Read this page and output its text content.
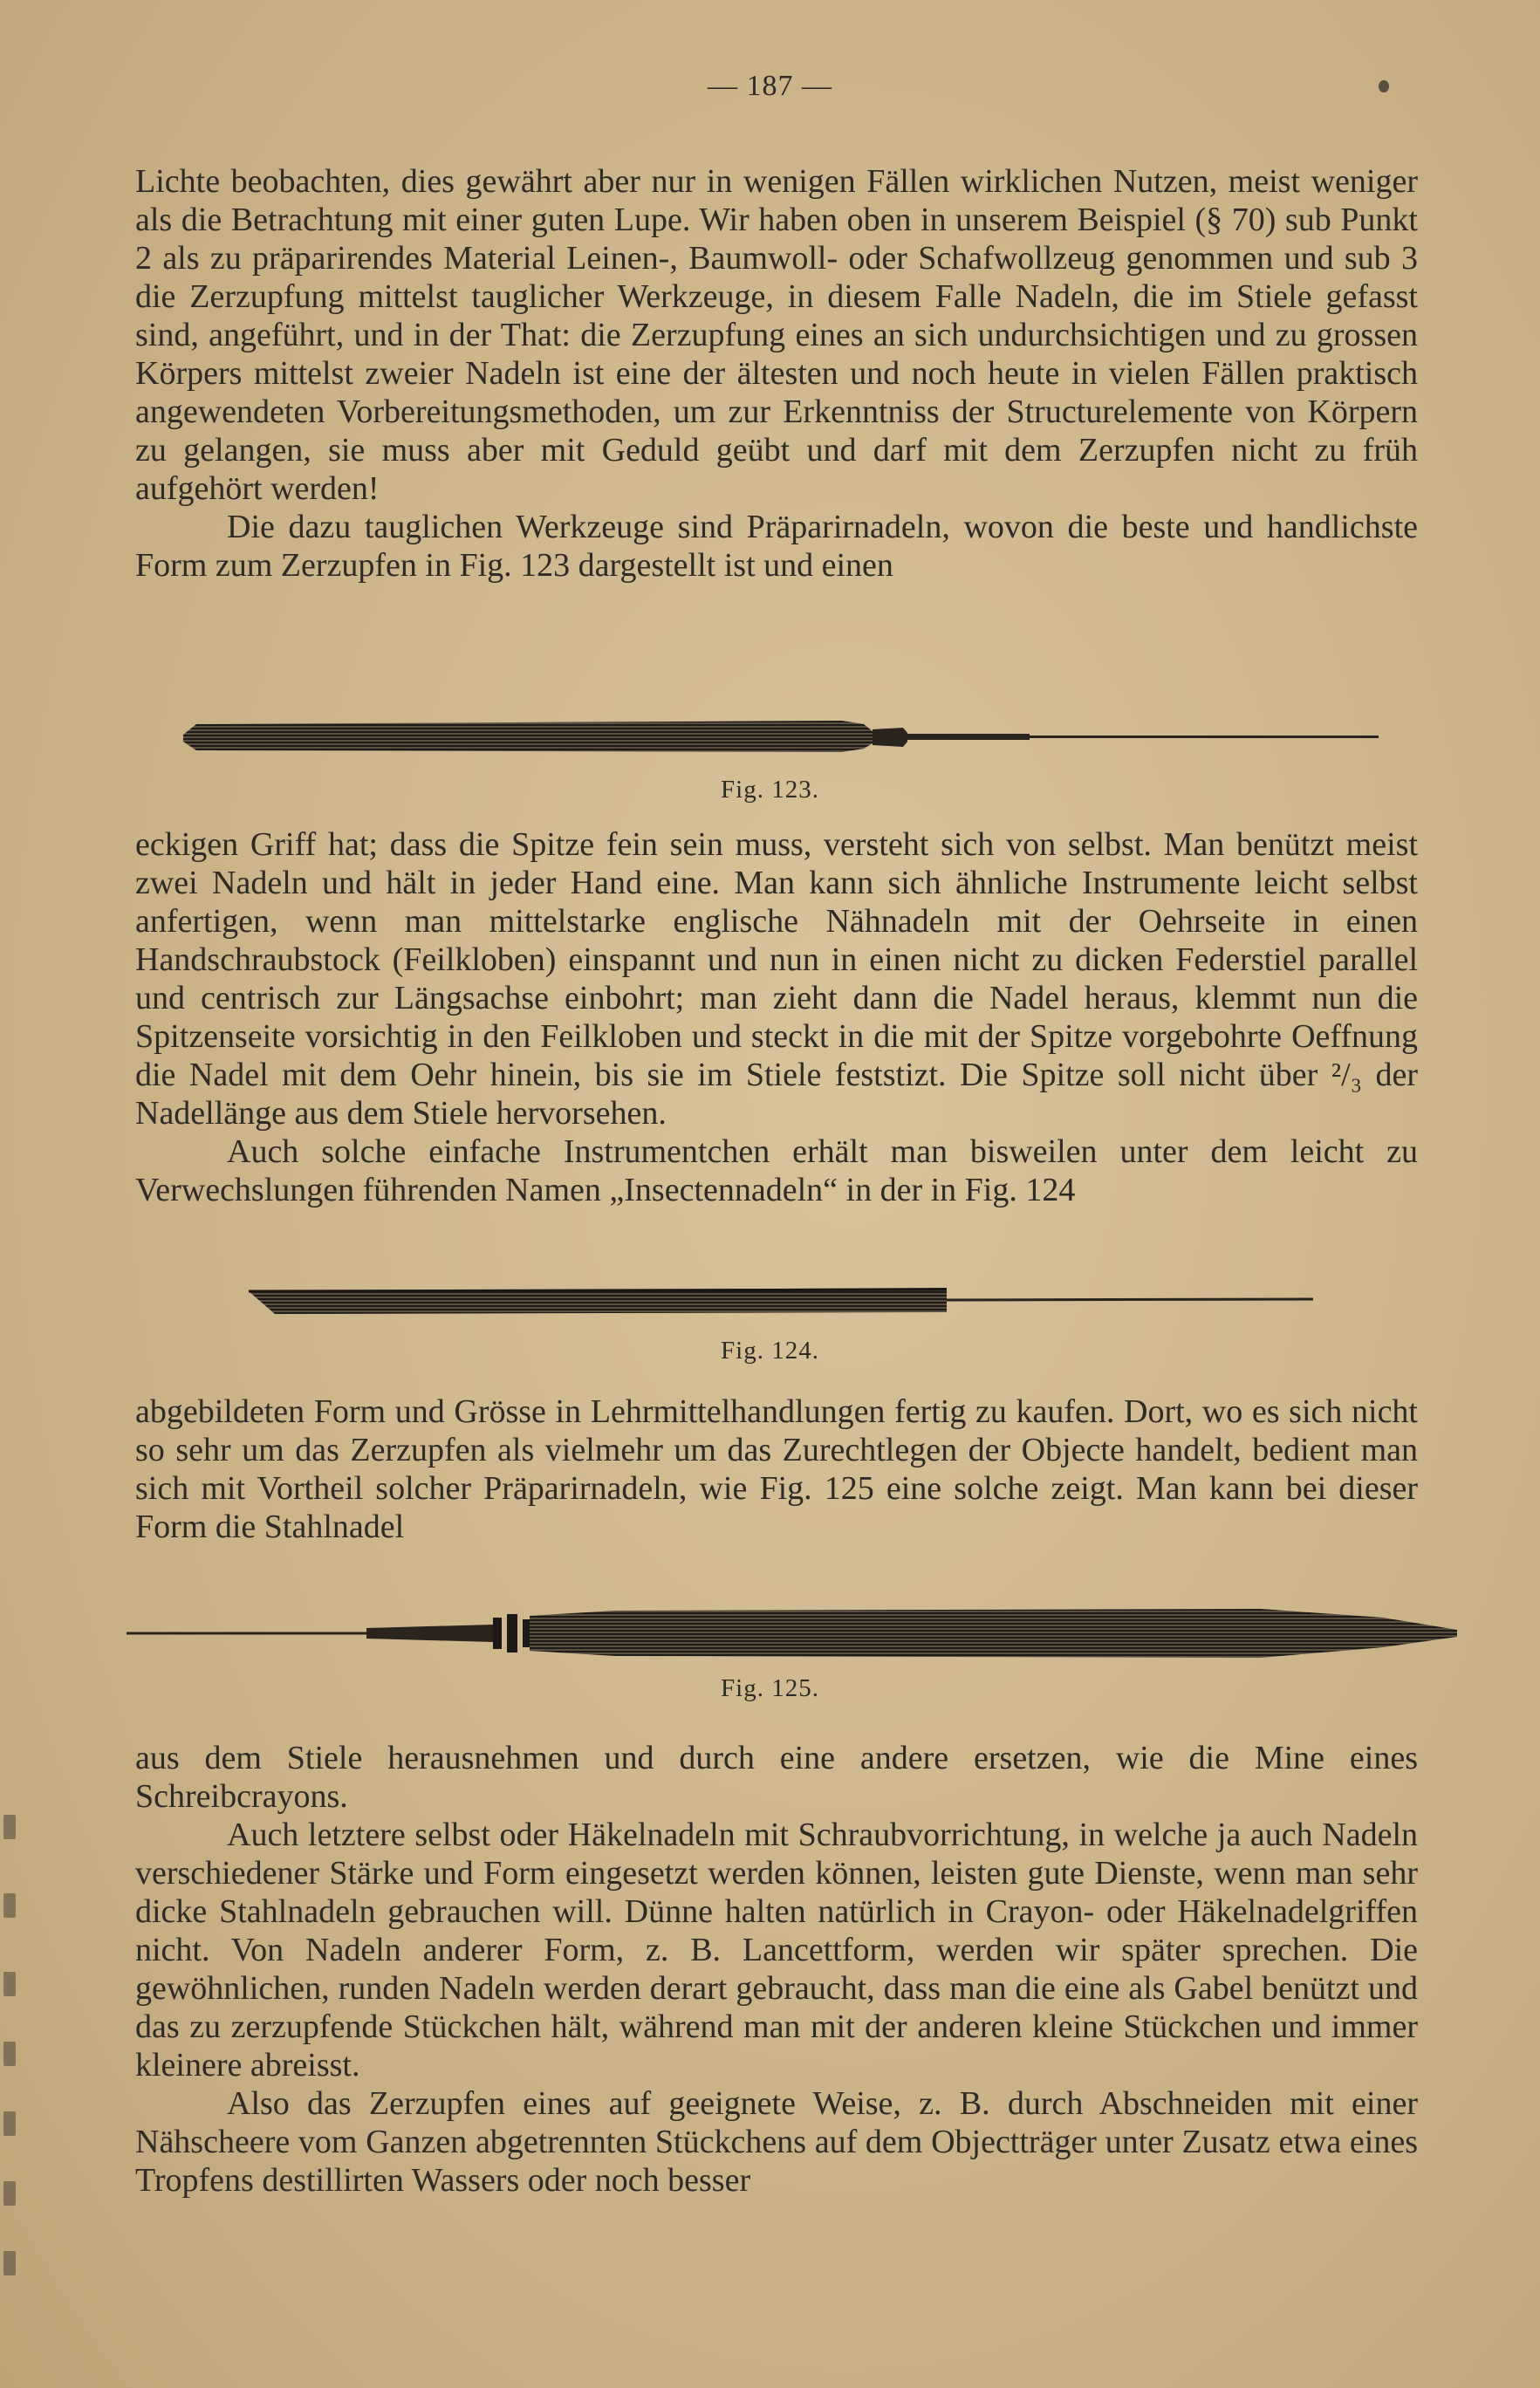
— 187 —

Lichte beobachten, dies gewährt aber nur in wenigen Fällen wirklichen Nutzen, meist weniger als die Betrachtung mit einer guten Lupe. Wir haben oben in unserem Beispiel (§ 70) sub Punkt 2 als zu präparirendes Material Leinen-, Baumwoll- oder Schafwollzeug genommen und sub 3 die Zerzupfung mittelst tauglicher Werkzeuge, in diesem Falle Nadeln, die im Stiele gefasst sind, angeführt, und in der That: die Zerzupfung eines an sich undurchsichtigen und zu grossen Körpers mittelst zweier Nadeln ist eine der ältesten und noch heute in vielen Fällen praktisch angewendeten Vorbereitungsmethoden, um zur Erkenntniss der Structurelemente von Körpern zu gelangen, sie muss aber mit Geduld geübt und darf mit dem Zerzupfen nicht zu früh aufgehört werden!

Die dazu tauglichen Werkzeuge sind Präparirnadeln, wovon die beste und handlichste Form zum Zerzupfen in Fig. 123 dargestellt ist und einen

Fig. 123.

eckigen Griff hat; dass die Spitze fein sein muss, versteht sich von selbst. Man benützt meist zwei Nadeln und hält in jeder Hand eine. Man kann sich ähnliche Instrumente leicht selbst anfertigen, wenn man mittelstarke englische Nähnadeln mit der Oehrseite in einen Handschraubstock (Feilkloben) einspannt und nun in einen nicht zu dicken Federstiel parallel und centrisch zur Längsachse einbohrt; man zieht dann die Nadel heraus, klemmt nun die Spitzenseite vorsichtig in den Feilkloben und steckt in die mit der Spitze vorgebohrte Oeffnung die Nadel mit dem Oehr hinein, bis sie im Stiele feststizt. Die Spitze soll nicht über ²/₃ der Nadellänge aus dem Stiele hervorsehen.

Auch solche einfache Instrumentchen erhält man bisweilen unter dem leicht zu Verwechslungen führenden Namen „Insectennadeln“ in der in Fig. 124

Fig. 124.

abgebildeten Form und Grösse in Lehrmittelhandlungen fertig zu kaufen. Dort, wo es sich nicht so sehr um das Zerzupfen als vielmehr um das Zurechtlegen der Objecte handelt, bedient man sich mit Vortheil solcher Präparirnadeln, wie Fig. 125 eine solche zeigt. Man kann bei dieser Form die Stahlnadel

Fig. 125.

aus dem Stiele herausnehmen und durch eine andere ersetzen, wie die Mine eines Schreibcrayons.

Auch letztere selbst oder Häkelnadeln mit Schraubvorrichtung, in welche ja auch Nadeln verschiedener Stärke und Form eingesetzt werden können, leisten gute Dienste, wenn man sehr dicke Stahlnadeln gebrauchen will. Dünne halten natürlich in Crayon- oder Häkelnadelgriffen nicht. Von Nadeln anderer Form, z. B. Lancettform, werden wir später sprechen. Die gewöhnlichen, runden Nadeln werden derart gebraucht, dass man die eine als Gabel benützt und das zu zerzupfende Stückchen hält, während man mit der anderen kleine Stückchen und immer kleinere abreisst.

Also das Zerzupfen eines auf geeignete Weise, z. B. durch Abschneiden mit einer Nähscheere vom Ganzen abgetrennten Stückchens auf dem Objectträger unter Zusatz etwa eines Tropfens destillirten Wassers oder noch besser
